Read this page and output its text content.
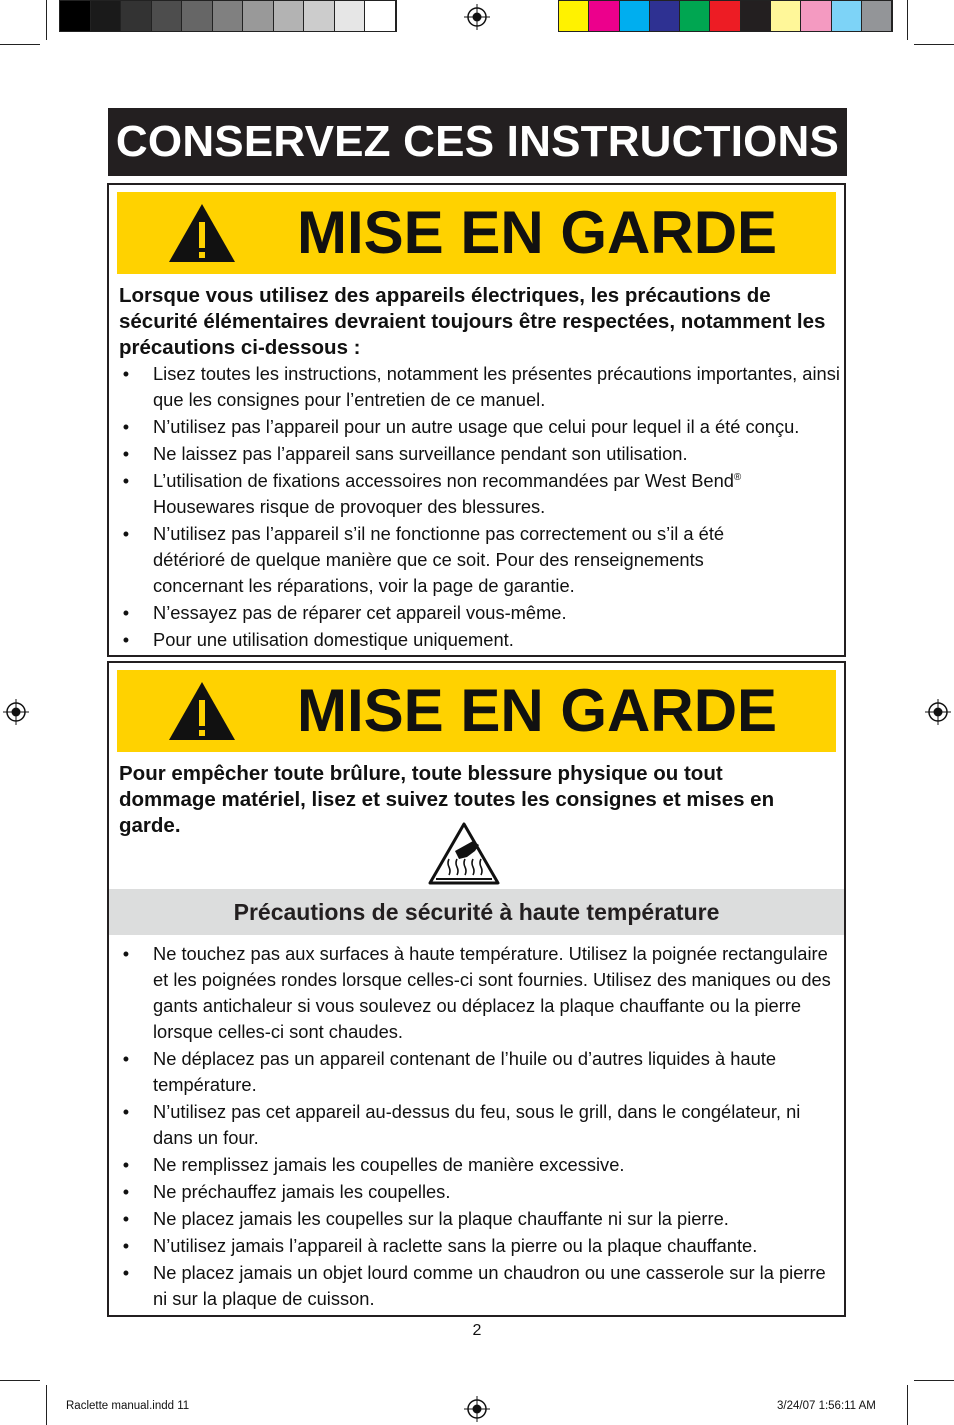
CONSERVEZ CES INSTRUCTIONS
MISE EN GARDE
Lorsque vous utilisez des appareils électriques, les précautions de sécurité élémentaires devraient toujours être respectées, notamment les précautions ci-dessous :
• Lisez toutes les instructions, notamment les présentes précautions importantes, ainsi que les consignes pour l’entretien de ce manuel.
• N’utilisez pas l’appareil pour un autre usage que celui pour lequel il a été conçu.
• Ne laissez pas l’appareil sans surveillance pendant son utilisation.
• L’utilisation de fixations accessoires non recommandées par West Bend®
Housewares risque de provoquer des blessures.
• N’utilisez pas l’appareil s’il ne fonctionne pas correctement ou s’il a été détérioré de quelque manière que ce soit. Pour des renseignements concernant les réparations, voir la page de garantie.
• N’essayez pas de réparer cet appareil vous-même.
• Pour une utilisation domestique uniquement.
MISE EN GARDE
Pour empêcher toute brûlure, toute blessure physique ou tout dommage matériel, lisez et suivez toutes les consignes et mises en garde.
Précautions de sécurité à haute température
• Ne touchez pas aux surfaces à haute température. Utilisez la poignée rectangulaire et les poignées rondes lorsque celles-ci sont fournies. Utilisez des maniques ou des gants antichaleur si vous soulevez ou déplacez la plaque chauffante ou la pierre lorsque celles-ci sont chaudes.
• Ne déplacez pas un appareil contenant de l’huile ou d’autres liquides à haute température.
• N’utilisez pas cet appareil au-dessus du feu, sous le grill, dans le congélateur, ni dans un four.
• Ne remplissez jamais les coupelles de manière excessive.
• Ne préchauffez jamais les coupelles.
• Ne placez jamais les coupelles sur la plaque chauffante ni sur la pierre.
• N’utilisez jamais l’appareil à raclette sans la pierre ou la plaque chauffante.
• Ne placez jamais un objet lourd comme un chaudron ou une casserole sur la pierre ni sur la plaque de cuisson.
2
Raclette manual.indd 11	3/24/07 1:56:11 AM
